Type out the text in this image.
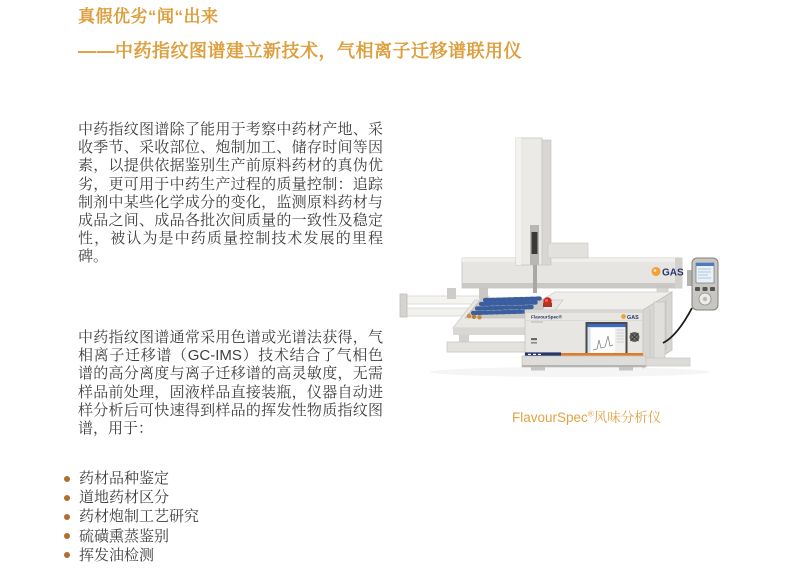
真假优劣“闻“出来
——中药指纹图谱建立新技术，气相离子迁移谱联用仪

中药指纹图谱除了能用于考察中药材产地、采收季节、采收部位、炮制加工、储存时间等因素，以提供依据鉴别生产前原料药材的真伪优劣，更可用于中药生产过程的质量控制：追踪制剂中某些化学成分的变化，监测原料药材与成品之间、成品各批次间质量的一致性及稳定性，被认为是中药质量控制技术发展的里程碑。

中药指纹图谱通常采用色谱或光谱法获得，气相离子迁移谱（GC-IMS）技术结合了气相色谱的高分离度与离子迁移谱的高灵敏度，无需样品前处理，固液样品直接装瓶，仪器自动进样分析后可快速得到样品的挥发性物质指纹图谱，用于：

药材品种鉴定
道地药材区分
药材炮制工艺研究
硫磺熏蒸鉴别
挥发油检测
GAS
FlavourSpec®	GAS
FlavourSpec®风味分析仪
